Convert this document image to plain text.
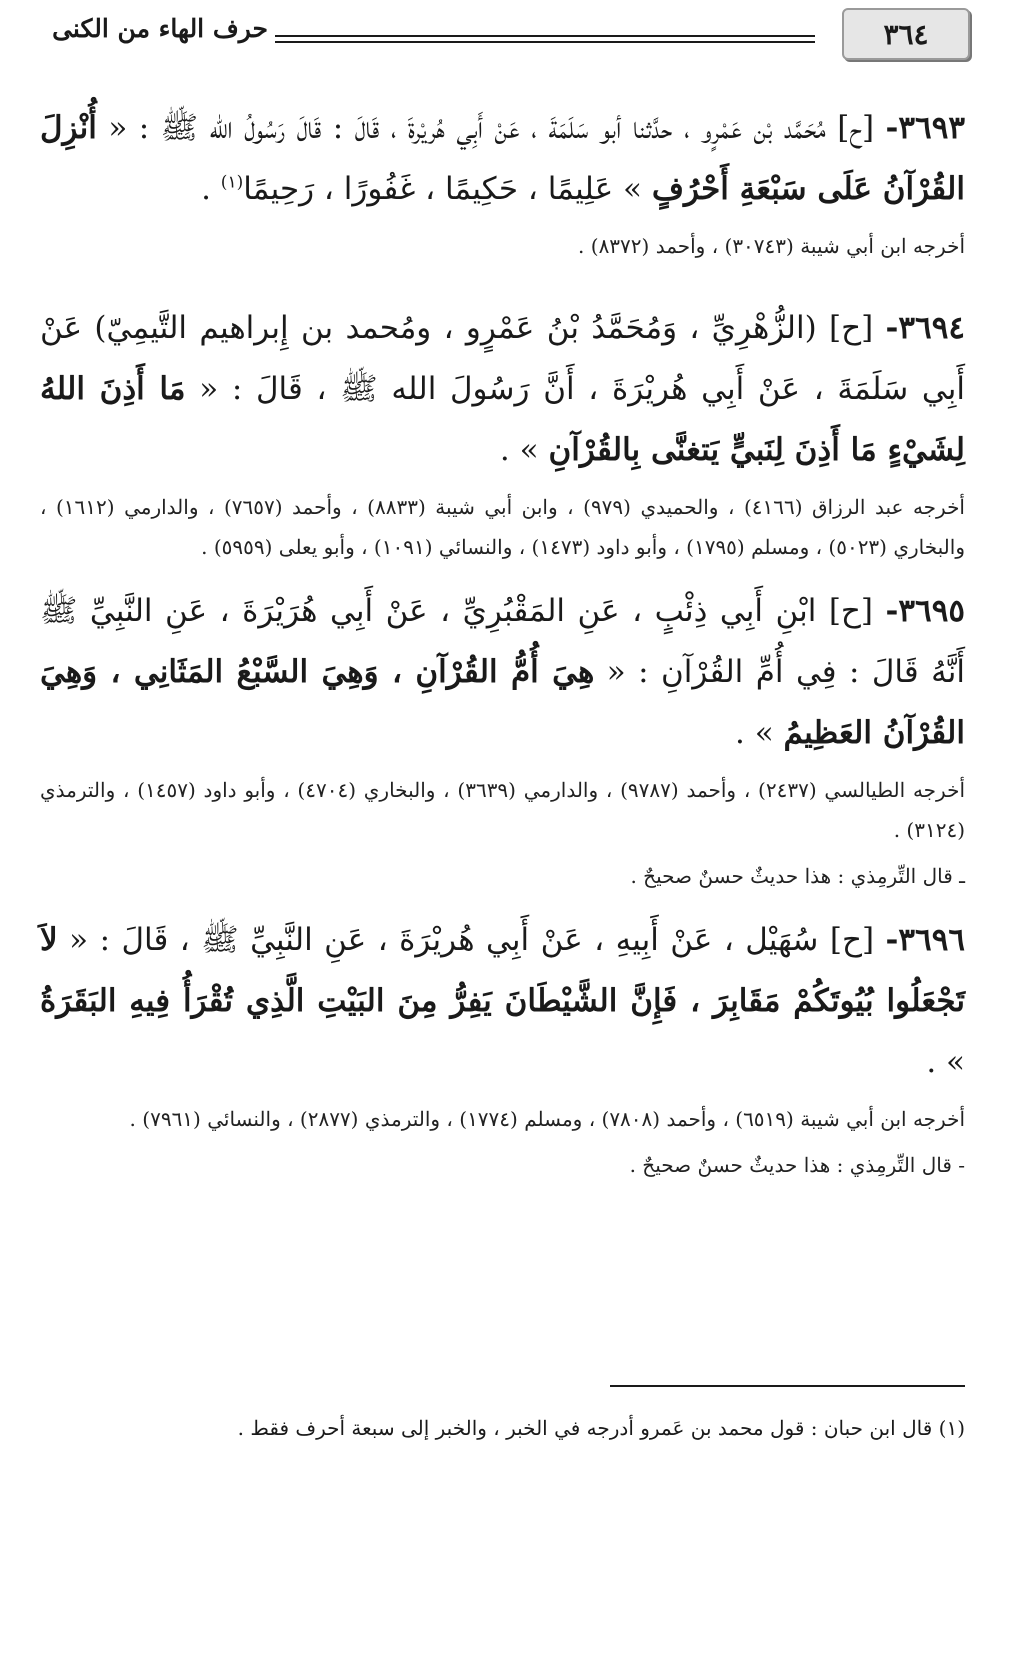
٣٦٤
حرف الهاء من الكنى

٣٦٩٣- [ح] مُحَمَّد بْن عَمْرٍو ، حدَّثنا أبو سَلَمَةَ ، عَنْ أَبِي هُريْرةَ ، قَالَ : قَالَ رَسُولُ الله ﷺ : « أُنْزِلَ القُرْآنُ عَلَى سَبْعَةِ أَحْرُفٍ » عَلِيمًا ، حَكِيمًا ، غَفُورًا ، رَحِيمًا$^{(١)}$ .

أخرجه ابن أبي شيبة (٣٠٧٤٣) ، وأحمد (٨٣٧٢) .

٣٦٩٤- [ح] (الزُّهْرِيِّ ، وَمُحَمَّدُ بْنُ عَمْرٍو ، ومُحمد بن إِبراهيم التَّيمِيّ) عَنْ أَبِي سَلَمَةَ ، عَنْ أَبِي هُريْرَةَ ، أَنَّ رَسُولَ الله ﷺ ، قَالَ : « مَا أَذِنَ اللهُ لِشَيْءٍ مَا أَذِنَ لِنَبيٍّ يَتغنَّى بِالقُرْآنِ » .

أخرجه عبد الرزاق (٤١٦٦) ، والحميدي (٩٧٩) ، وابن أبي شيبة (٨٨٣٣) ، وأحمد (٧٦٥٧) ، والدارمي (١٦١٢) ، والبخاري (٥٠٢٣) ، ومسلم (١٧٩٥) ، وأبو داود (١٤٧٣) ، والنسائي (١٠٩١) ، وأبو يعلى (٥٩٥٩) .

٣٦٩٥- [ح] ابْنِ أَبِي ذِئْبٍ ، عَنِ المَقْبُرِيِّ ، عَنْ أَبِي هُرَيْرَةَ ، عَنِ النَّبِيِّ ﷺ أَنَّهُ قَالَ : فِي أُمِّ القُرْآنِ : « هِيَ أُمُّ القُرْآنِ ، وَهِيَ السَّبْعُ المَثَانِي ، وَهِيَ القُرْآنُ العَظِيمُ » .

أخرجه الطيالسي (٢٤٣٧) ، وأحمد (٩٧٨٧) ، والدارمي (٣٦٣٩) ، والبخاري (٤٧٠٤) ، وأبو داود (١٤٥٧) ، والترمذي (٣١٢٤) .

ـ قال التِّرمِذي : هذا حديثٌ حسنٌ صحيحٌ .

٣٦٩٦- [ح] سُهَيْل ، عَنْ أَبِيهِ ، عَنْ أَبِي هُريْرَةَ ، عَنِ النَّبِيِّ ﷺ ، قَالَ : « لاَ تَجْعَلُوا بُيُوتَكُمْ مَقَابِرَ ، فَإِنَّ الشَّيْطَانَ يَفِرُّ مِنَ البَيْتِ الَّذِي تُقْرَأُ فِيهِ البَقَرَةُ » .

أخرجه ابن أبي شيبة (٦٥١٩) ، وأحمد (٧٨٠٨) ، ومسلم (١٧٧٤) ، والترمذي (٢٨٧٧) ، والنسائي (٧٩٦١) .

- قال التِّرمِذي : هذا حديثٌ حسنٌ صحيحٌ .

(١) قال ابن حبان : قول محمد بن عَمرو أدرجه في الخبر ، والخبر إلى سبعة أحرف فقط .
